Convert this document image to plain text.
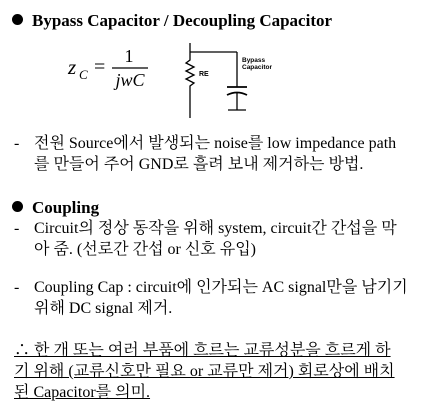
Bypass Capacitor / Decoupling Capacitor
z C = 1
jwC	RE
Bypass
Capacitor
- 전원 Source에서 발생되는 noise를 low impedance path
를 만들어 주어 GND로 흘려 보내 제거하는 방법.
Coupling
- Circuit의 정상 동작을 위해 system, circuit간 간섭을 막
아 줌. (선로간 간섭 or 신호 유입)
- Coupling Cap : circuit에 인가되는 AC signal만을 남기기
위해 DC signal 제거.
∴ 한 개 또는 여러 부품에 흐르는 교류성분을 흐르게 하
기 위해 (교류신호만 필요 or 교류만 제거) 회로상에 배치
된 Capacitor를 의미.
